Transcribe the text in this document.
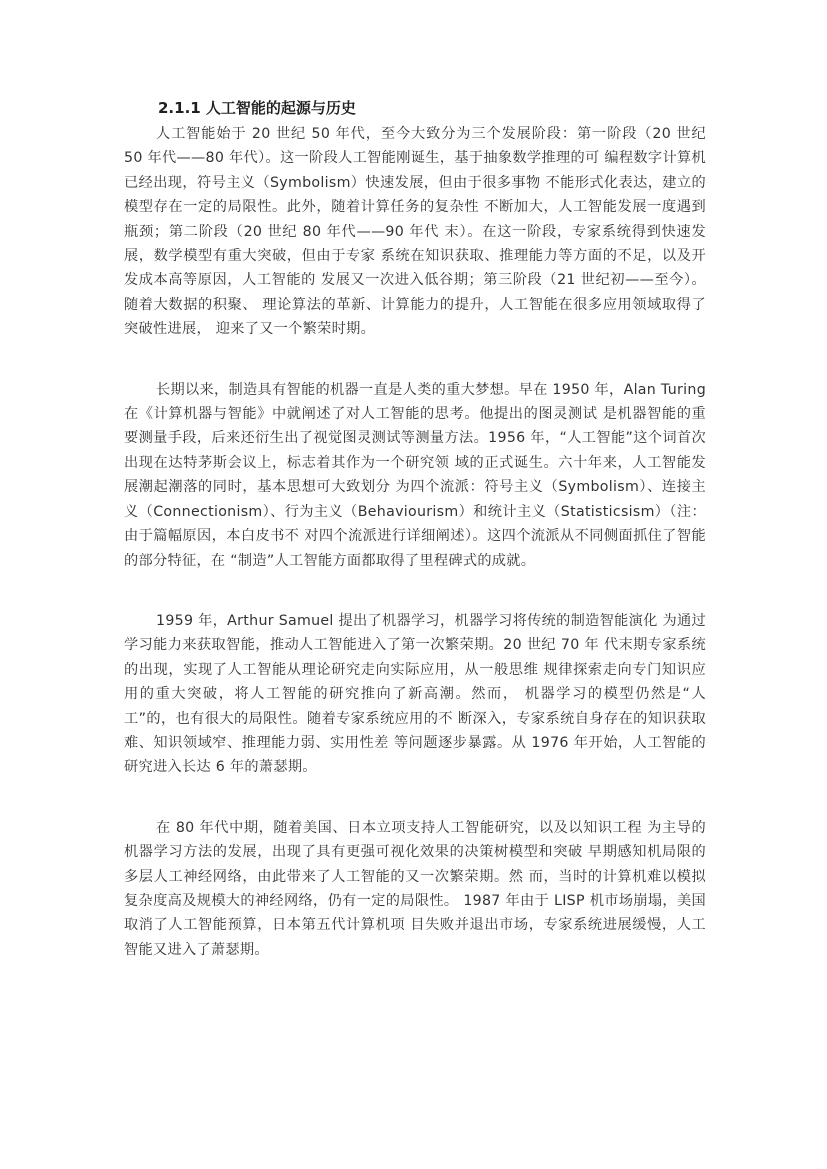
2.1.1 人工智能的起源与历史

人工智能始于 20 世纪 50 年代，至今大致分为三个发展阶段：第一阶段（20 世纪 50 年代——80 年代）。这一阶段人工智能刚诞生，基于抽象数学推理的可 编程数字计算机已经出现，符号主义（Symbolism）快速发展，但由于很多事物 不能形式化表达，建立的模型存在一定的局限性。此外，随着计算任务的复杂性 不断加大，人工智能发展一度遇到瓶颈；第二阶段（20 世纪 80 年代——90 年代 末）。在这一阶段，专家系统得到快速发展，数学模型有重大突破，但由于专家 系统在知识获取、推理能力等方面的不足，以及开发成本高等原因，人工智能的 发展又一次进入低谷期；第三阶段（21 世纪初——至今）。随着大数据的积聚、 理论算法的革新、计算能力的提升，人工智能在很多应用领域取得了突破性进展， 迎来了又一个繁荣时期。

长期以来，制造具有智能的机器一直是人类的重大梦想。早在 1950 年，Alan Turing 在《计算机器与智能》中就阐述了对人工智能的思考。他提出的图灵测试 是机器智能的重要测量手段，后来还衍生出了视觉图灵测试等测量方法。1956 年，“人工智能”这个词首次出现在达特茅斯会议上，标志着其作为一个研究领 域的正式诞生。六十年来，人工智能发展潮起潮落的同时，基本思想可大致划分 为四个流派：符号主义（Symbolism）、连接主义（Connectionism）、行为主义（Behaviourism）和统计主义（Statisticsism）（注：由于篇幅原因，本白皮书不 对四个流派进行详细阐述）。这四个流派从不同侧面抓住了智能的部分特征，在 “制造”人工智能方面都取得了里程碑式的成就。

1959 年，Arthur Samuel 提出了机器学习，机器学习将传统的制造智能演化 为通过学习能力来获取智能，推动人工智能进入了第一次繁荣期。20 世纪 70 年 代末期专家系统的出现，实现了人工智能从理论研究走向实际应用，从一般思维 规律探索走向专门知识应用的重大突破，将人工智能的研究推向了新高潮。然而， 机器学习的模型仍然是“人工”的，也有很大的局限性。随着专家系统应用的不 断深入，专家系统自身存在的知识获取难、知识领域窄、推理能力弱、实用性差 等问题逐步暴露。从 1976 年开始，人工智能的研究进入长达 6 年的萧瑟期。

在 80 年代中期，随着美国、日本立项支持人工智能研究，以及以知识工程 为主导的机器学习方法的发展，出现了具有更强可视化效果的决策树模型和突破 早期感知机局限的多层人工神经网络，由此带来了人工智能的又一次繁荣期。然 而，当时的计算机难以模拟复杂度高及规模大的神经网络，仍有一定的局限性。 1987 年由于 LISP 机市场崩塌，美国取消了人工智能预算，日本第五代计算机项 目失败并退出市场，专家系统进展缓慢，人工智能又进入了萧瑟期。
